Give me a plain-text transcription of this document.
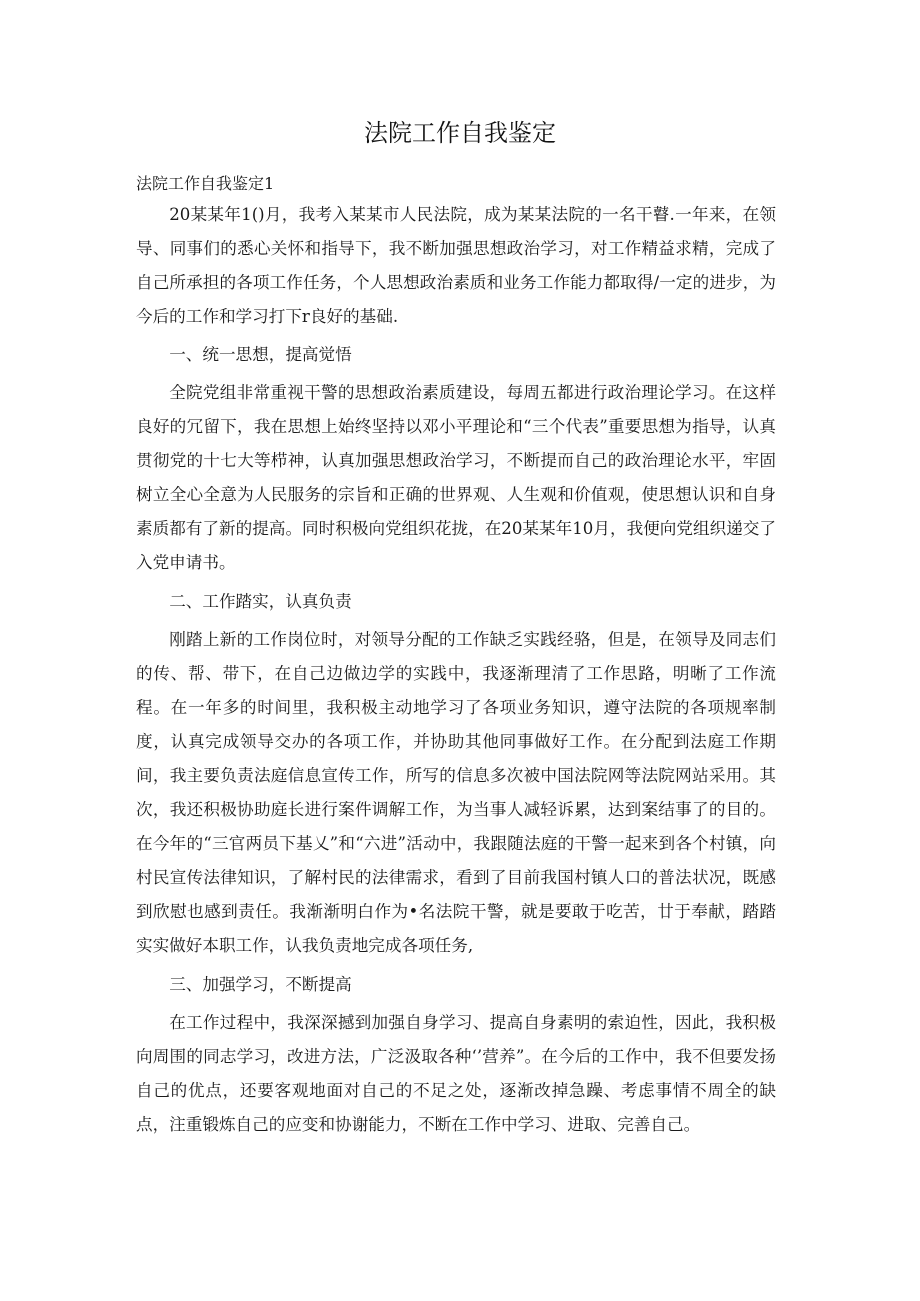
法院工作自我鉴定
法院工作自我鉴定1

20某某年1()月，我考入某某市人民法院，成为某某法院的一名干瞽.一年来，在领导、同事们的悉心关怀和指导下，我不断加强思想政治学习，对工作精益求精，完成了自己所承担的各项工作任务，个人思想政治素质和业务工作能力都取得/一定的进步，为今后的工作和学习打下r良好的基础.

一、统一思想，提高觉悟

全院党组非常重视干警的思想政治素质建设，每周五都进行政治理论学习。在这样良好的冗留下，我在思想上始终坚持以邓小平理论和“三个代表”重要思想为指导，认真贯彻党的十七大等栉神，认真加强思想政治学习，不断提而自己的政治理论水平，牢固树立全心全意为人民服务的宗旨和正确的世界观、人生观和价值观，使思想认识和自身素质都有了新的提高。同时积极向党组织花拢，在20某某年10月，我便向党组织递交了入党申请书。

二、工作踏实，认真负责

刚踏上新的工作岗位时，对领导分配的工作缺乏实践经骆，但是，在领导及同志们的传、帮、带下，在自己边做边学的实践中，我逐渐理清了工作思路，明晰了工作流程。在一年多的时间里，我积极主动地学习了各项业务知识，遵守法院的各项规率制度，认真完成领导交办的各项工作，并协助其他同事做好工作。在分配到法庭工作期间，我主要负责法庭信息宣传工作，所写的信息多次被中国法院网等法院网站采用。其次，我还积极协助庭长进行案件调解工作，为当事人减轻诉累，达到案结事了的目的。在今年的“三官两员下基乂”和“六进”活动中，我跟随法庭的干警一起来到各个村镇，向村民宣传法律知识，了解村民的法律需求，看到了目前我国村镇人口的普法状况，既感到欣慰也感到责任。我渐渐明白作为•名法院干警，就是要敢于吃苦，廿于奉献，踏踏实实做好本职工作，认我负责地完成各项任务,

三、加强学习，不断提高

在工作过程中，我深深撼到加强自身学习、提高自身素明的索迫性，因此，我积极向周围的同志学习，改进方法，广泛汲取各种‘’营养”。在今后的工作中，我不但要发扬自己的优点，还要客观地面对自己的不足之处，逐渐改掉急躁、考虑事情不周全的缺点，注重锻炼自己的应变和协谢能力，不断在工作中学习、进取、完善自己。
